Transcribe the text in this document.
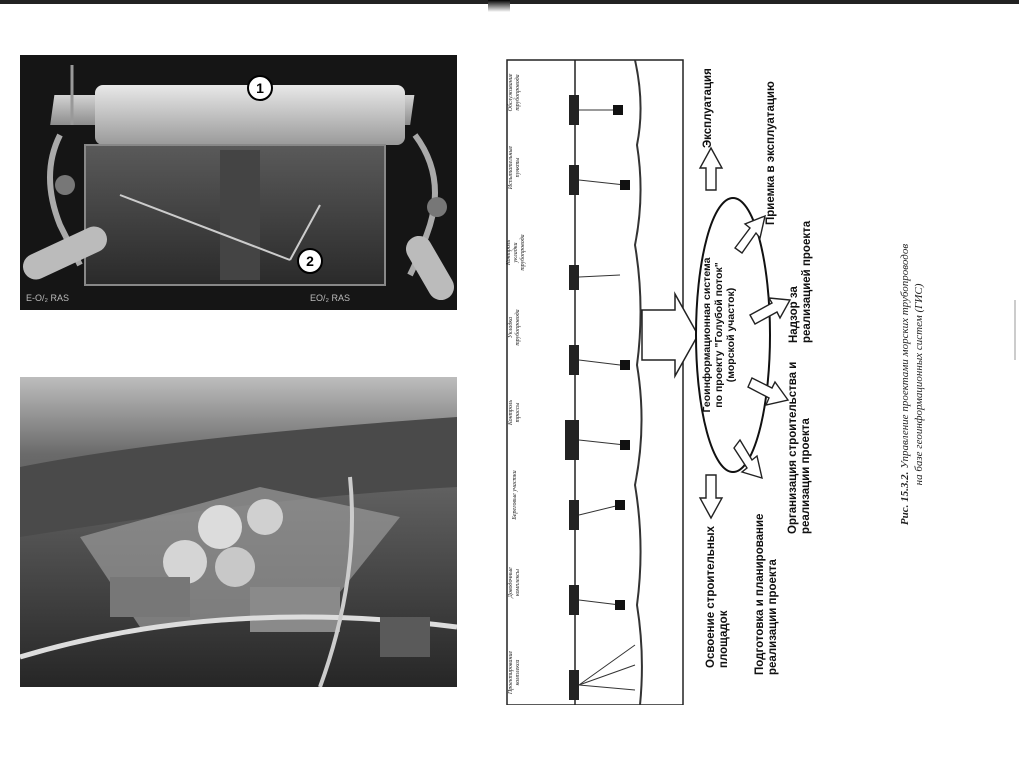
1
2
E-O/₂ RAS	EO/₂ RAS
Проектирование
комплекса
Доводочные
комплексы
Береговые участки
Контроль
трассы
Укладка
трубопровода
Контроль
укладки
трубопровода
Испытательные
пункты
Обслуживание
трубопровода
Геоинформационная система
по проекту "Голубой поток"
(морской участок)
Эксплуатация	Приемка в эксплуатацию
Надзор за
реализацией проекта
Организация строительства и
реализации проекта
Подготовка и планирование
реализации проекта
Освоение строительных
площадок
Рис. 15.3.2. Управление проектами морских трубопроводов на базе геоинформационных систем (ГИС)
